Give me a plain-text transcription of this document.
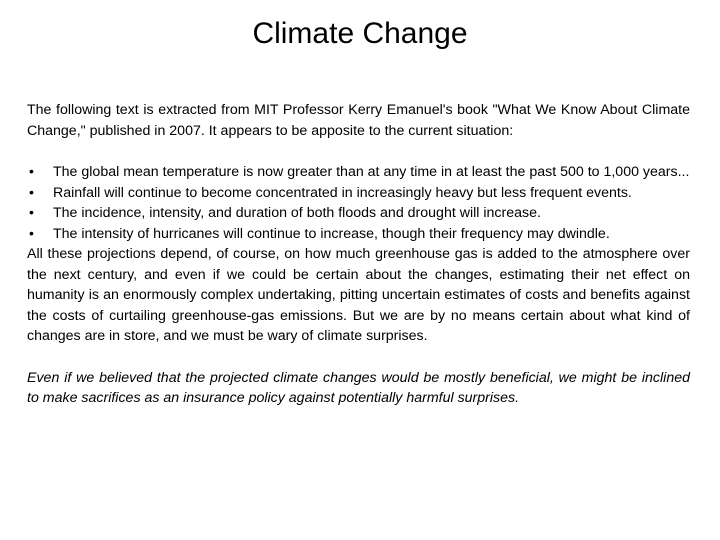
Climate Change

The following text is extracted from MIT Professor Kerry Emanuel's book "What We Know About Climate Change," published in 2007. It appears to be apposite to the current situation:

• The global mean temperature is now greater than at any time in at least the past 500 to 1,000 years...
• Rainfall will continue to become concentrated in increasingly heavy but less frequent events.
• The incidence, intensity, and duration of both floods and drought will increase.
• The intensity of hurricanes will continue to increase, though their frequency may dwindle.

All these projections depend, of course, on how much greenhouse gas is added to the atmosphere over the next century, and even if we could be certain about the changes, estimating their net effect on humanity is an enormously complex undertaking, pitting uncertain estimates of costs and benefits against the costs of curtailing greenhouse-gas emissions. But we are by no means certain about what kind of changes are in store, and we must be wary of climate surprises.

Even if we believed that the projected climate changes would be mostly beneficial, we might be inclined to make sacrifices as an insurance policy against potentially harmful surprises.
